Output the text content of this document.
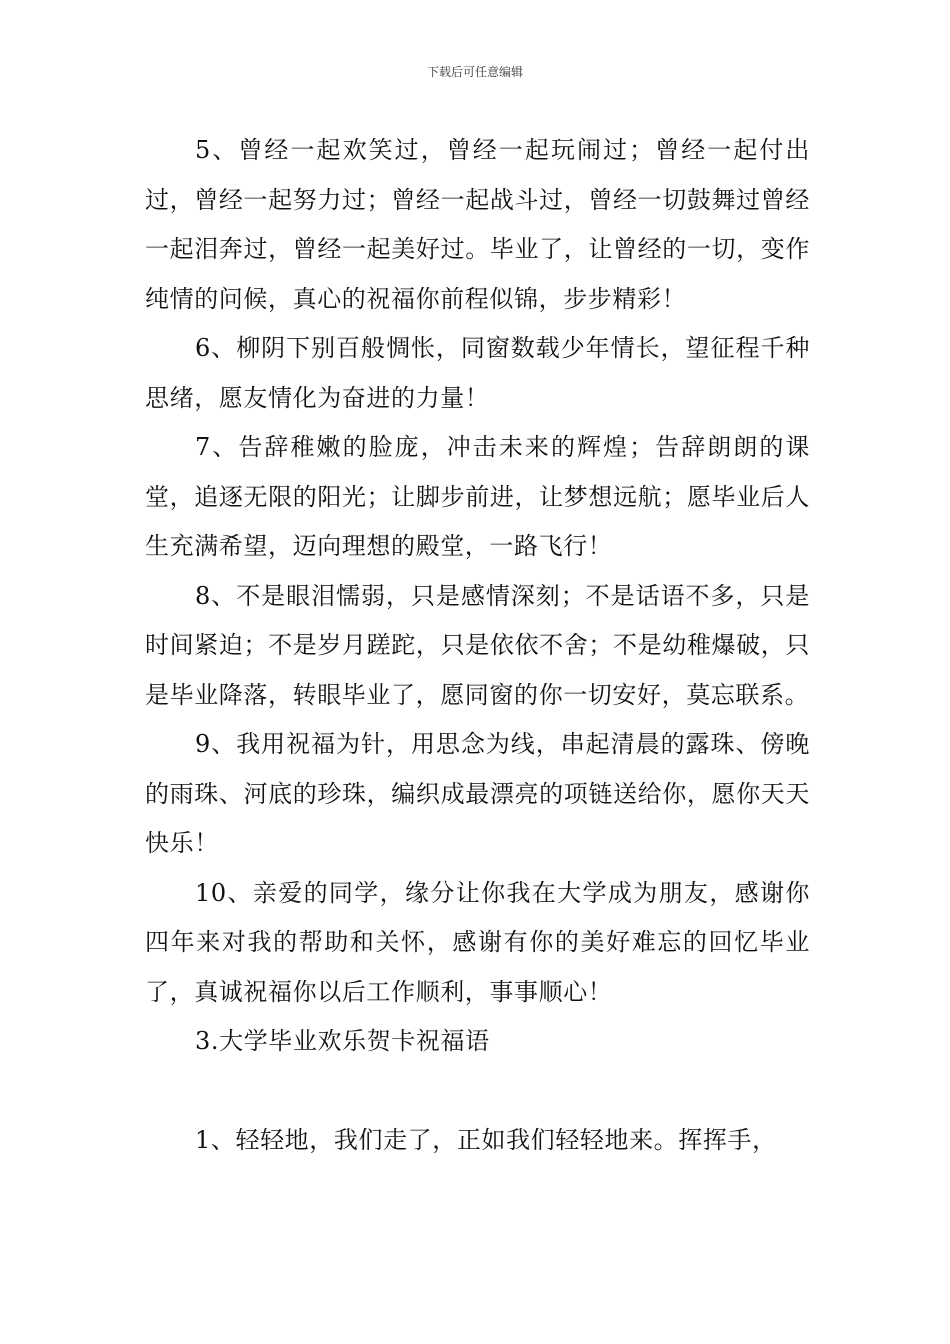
下载后可任意编辑

5、曾经一起欢笑过，曾经一起玩闹过；曾经一起付出过，曾经一起努力过；曾经一起战斗过，曾经一切鼓舞过曾经一起泪奔过，曾经一起美好过。毕业了，让曾经的一切，变作纯情的问候，真心的祝福你前程似锦，步步精彩！

6、柳阴下别百般惆怅，同窗数载少年情长，望征程千种思绪，愿友情化为奋进的力量！

7、告辞稚嫩的脸庞，冲击未来的辉煌；告辞朗朗的课堂，追逐无限的阳光；让脚步前进，让梦想远航；愿毕业后人生充满希望，迈向理想的殿堂，一路飞行！

8、不是眼泪懦弱，只是感情深刻；不是话语不多，只是时间紧迫；不是岁月蹉跎，只是依依不舍；不是幼稚爆破，只是毕业降落，转眼毕业了，愿同窗的你一切安好，莫忘联系。

9、我用祝福为针，用思念为线，串起清晨的露珠、傍晚的雨珠、河底的珍珠，编织成最漂亮的项链送给你，愿你天天快乐！

10、亲爱的同学，缘分让你我在大学成为朋友，感谢你四年来对我的帮助和关怀，感谢有你的美好难忘的回忆毕业了，真诚祝福你以后工作顺利，事事顺心！

3.大学毕业欢乐贺卡祝福语

1、轻轻地，我们走了，正如我们轻轻地来。挥挥手，
